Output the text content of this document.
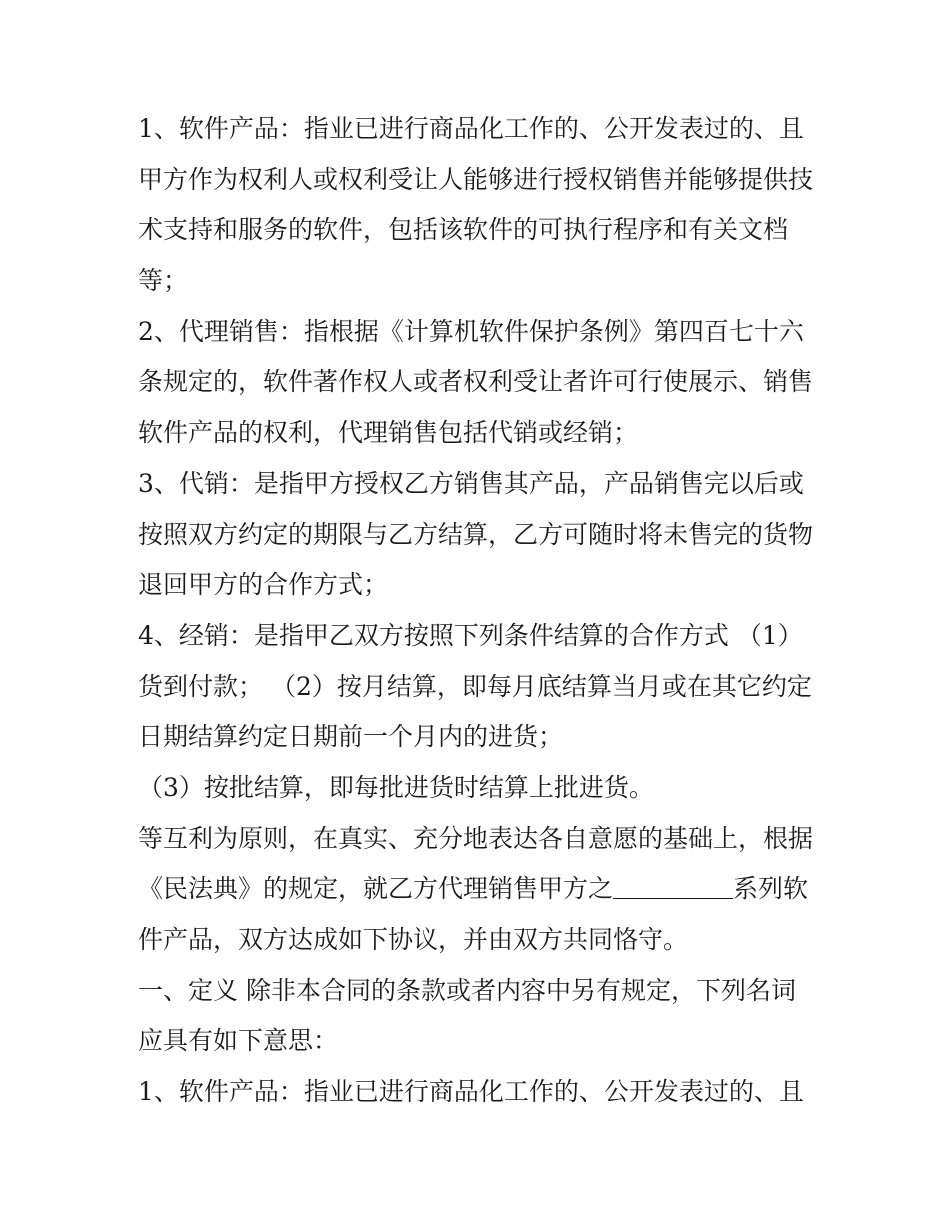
1、软件产品：指业已进行商品化工作的、公开发表过的、且
甲方作为权利人或权利受让人能够进行授权销售并能够提供技
术支持和服务的软件，包括该软件的可执行程序和有关文档
等；
2、代理销售：指根据《计算机软件保护条例》第四百七十六
条规定的，软件著作权人或者权利受让者许可行使展示、销售
软件产品的权利，代理销售包括代销或经销；
3、代销：是指甲方授权乙方销售其产品，产品销售完以后或
按照双方约定的期限与乙方结算，乙方可随时将未售完的货物
退回甲方的合作方式；
4、经销：是指甲乙双方按照下列条件结算的合作方式 （1）
货到付款； （2）按月结算，即每月底结算当月或在其它约定
日期结算约定日期前一个月内的进货；
（3）按批结算，即每批进货时结算上批进货。
等互利为原则，在真实、充分地表达各自意愿的基础上，根据
《民法典》的规定，就乙方代理销售甲方之	系列软
件产品，双方达成如下协议，并由双方共同恪守。
一、定义 除非本合同的条款或者内容中另有规定，下列名词
应具有如下意思：
1、软件产品：指业已进行商品化工作的、公开发表过的、且
